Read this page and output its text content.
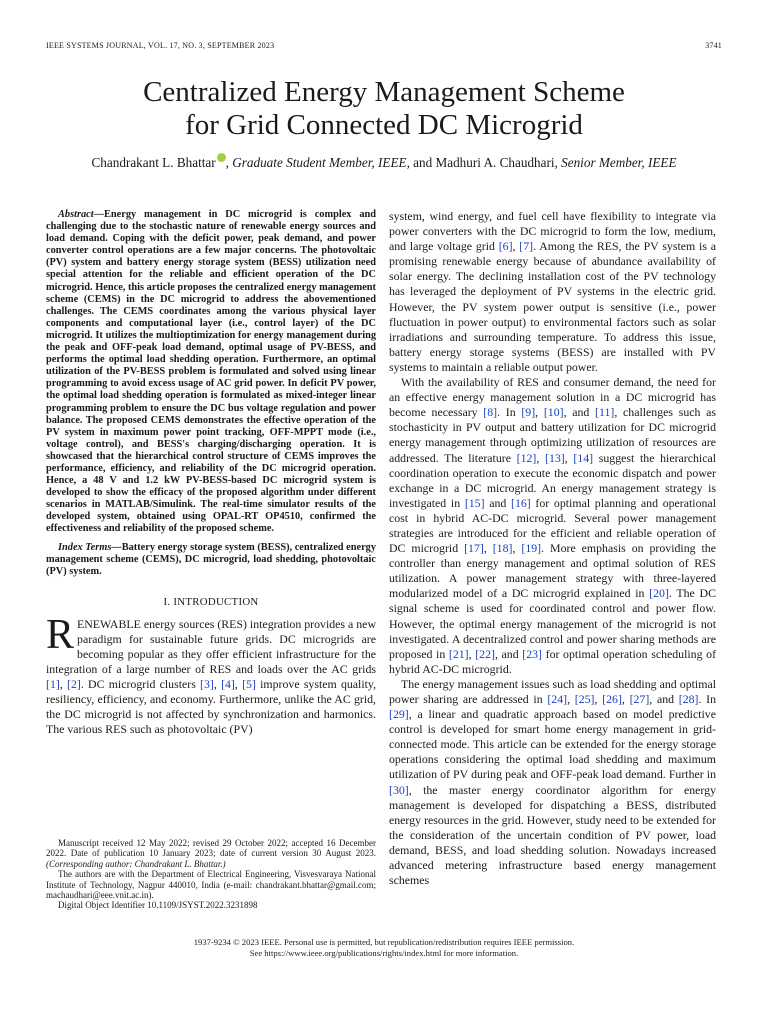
IEEE SYSTEMS JOURNAL, VOL. 17, NO. 3, SEPTEMBER 2023	3741
Centralized Energy Management Scheme
for Grid Connected DC Microgrid
Chandrakant L. Bhattar , Graduate Student Member, IEEE, and Madhuri A. Chaudhari, Senior Member, IEEE

Abstract—Energy management in DC microgrid is complex and challenging due to the stochastic nature of renewable energy sources and load demand. Coping with the deficit power, peak demand, and power converter control operations are a few major concerns. The photovoltaic (PV) system and battery energy storage system (BESS) utilization need special attention for the reliable and efficient operation of the DC microgrid. Hence, this article proposes the centralized energy management scheme (CEMS) in the DC microgrid to address the abovementioned challenges. The CEMS coordinates among the various physical layer components and computational layer (i.e., control layer) of the DC microgrid. It utilizes the multioptimization for energy management during the peak and OFF-peak load demand, optimal usage of PV-BESS, and performs the optimal load shedding operation. Furthermore, an optimal utilization of the PV-BESS problem is formulated and solved using linear programming to avoid excess usage of AC grid power. In deficit PV power, the optimal load shedding operation is formulated as mixed-integer linear programming problem to ensure the DC bus voltage regulation and power balance. The proposed CEMS demonstrates the effective operation of the PV system in maximum power point tracking, OFF-MPPT mode (i.e., voltage control), and BESS's charging/discharging operation. It is showcased that the hierarchical control structure of CEMS improves the performance, efficiency, and reliability of the DC microgrid operation. Hence, a 48 V and 1.2 kW PV-BESS-based DC microgrid system is developed to show the efficacy of the proposed algorithm under different scenarios in MATLAB/Simulink. The real-time simulator results of the developed system, obtained using OPAL-RT OP4510, confirmed the effectiveness and reliability of the proposed scheme.

Index Terms—Battery energy storage system (BESS), centralized energy management scheme (CEMS), DC microgrid, load shedding, photovoltaic (PV) system.

I. INTRODUCTION

RENEWABLE energy sources (RES) integration provides a new paradigm for sustainable future grids. DC microgrids are becoming popular as they offer efficient infrastructure for the integration of a large number of RES and loads over the AC grids [1], [2]. DC microgrid clusters [3], [4], [5] improve system quality, resiliency, efficiency, and economy. Furthermore, unlike the AC grid, the DC microgrid is not affected by synchronization and harmonics. The various RES such as photovoltaic (PV)

system, wind energy, and fuel cell have flexibility to integrate via power converters with the DC microgrid to form the low, medium, and large voltage grid [6], [7]. Among the RES, the PV system is a promising renewable energy because of abundance availability of solar energy. The declining installation cost of the PV technology has leveraged the deployment of PV systems in the electric grid. However, the PV system power output is sensitive (i.e., power fluctuation in power output) to environmental factors such as solar irradiations and surrounding temperature. To address this issue, battery energy storage systems (BESS) are installed with PV systems to maintain a reliable output power.

With the availability of RES and consumer demand, the need for an effective energy management solution in a DC microgrid has become necessary [8]. In [9], [10], and [11], challenges such as stochasticity in PV output and battery utilization for DC microgrid energy management through optimizing utilization of resources are addressed. The literature [12], [13], [14] suggest the hierarchical coordination operation to execute the economic dispatch and power exchange in a DC microgrid. An energy management strategy is investigated in [15] and [16] for optimal planning and operational cost in hybrid AC-DC microgrid. Several power management strategies are introduced for the efficient and reliable operation of DC microgrid [17], [18], [19]. More emphasis on providing the controller than energy management and optimal solution of RES utilization. A power management strategy with three-layered modularized model of a DC microgrid explained in [20]. The DC signal scheme is used for coordinated control and power flow. However, the optimal energy management of the microgrid is not investigated. A decentralized control and power sharing methods are proposed in [21], [22], and [23] for optimal operation scheduling of hybrid AC-DC microgrid.

The energy management issues such as load shedding and optimal power sharing are addressed in [24], [25], [26], [27], and [28]. In [29], a linear and quadratic approach based on model predictive control is developed for smart home energy management in grid-connected mode. This article can be extended for the energy storage operations considering the optimal load shedding and maximum utilization of PV during peak and OFF-peak load demand. Further in [30], the master energy coordinator algorithm for energy management is developed for dispatching a BESS, distributed energy resources in the grid. However, study need to be extended for the consideration of the uncertain condition of PV power, load demand, BESS, and load shedding solution. Nowadays increased advanced metering infrastructure based energy management schemes

Manuscript received 12 May 2022; revised 29 October 2022; accepted 16 December 2022. Date of publication 10 January 2023; date of current version 30 August 2023. (Corresponding author: Chandrakant L. Bhattar.)

The authors are with the Department of Electrical Engineering, Visvesvaraya National Institute of Technology, Nagpur 440010, India (e-mail: chandrakant.bhattar@gmail.com; machaudhari@eee.vnit.ac.in).

Digital Object Identifier 10.1109/JSYST.2022.3231898

1937-9234 © 2023 IEEE. Personal use is permitted, but republication/redistribution requires IEEE permission.
See https://www.ieee.org/publications/rights/index.html for more information.
